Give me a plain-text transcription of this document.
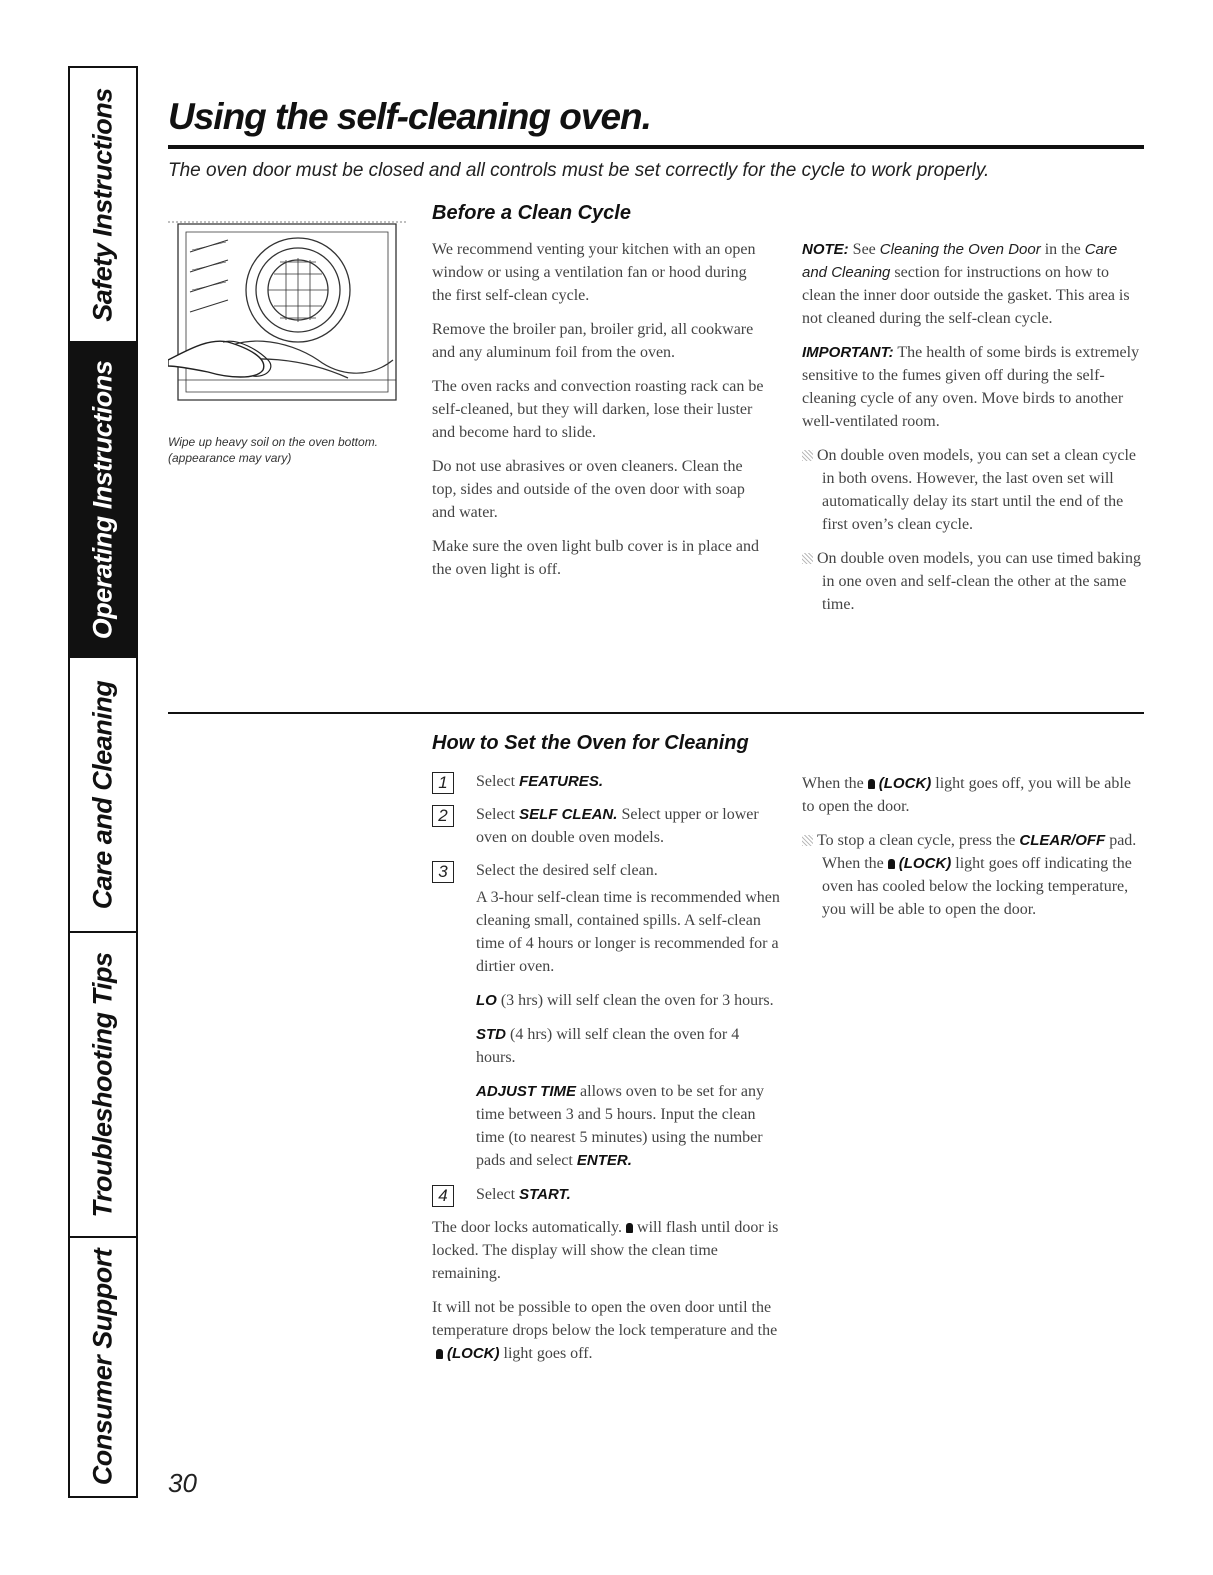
Safety Instructions
Operating Instructions
Care and Cleaning
Troubleshooting Tips
Consumer Support
Using the self-cleaning oven.
The oven door must be closed and all controls must be set correctly for the cycle to work properly.
Wipe up heavy soil on the oven bottom. (appearance may vary)
Before a Clean Cycle

We recommend venting your kitchen with an open window or using a ventilation fan or hood during the first self-clean cycle.

Remove the broiler pan, broiler grid, all cookware and any aluminum foil from the oven.

The oven racks and convection roasting rack can be self-cleaned, but they will darken, lose their luster and become hard to slide.

Do not use abrasives or oven cleaners. Clean the top, sides and outside of the oven door with soap and water.

Make sure the oven light bulb cover is in place and the oven light is off.

NOTE: See Cleaning the Oven Door in the Care and Cleaning section for instructions on how to clean the inner door outside the gasket. This area is not cleaned during the self-clean cycle.

IMPORTANT: The health of some birds is extremely sensitive to the fumes given off during the self-cleaning cycle of any oven. Move birds to another well-ventilated room.

On double oven models, you can set a clean cycle in both ovens. However, the last oven set will automatically delay its start until the end of the first oven’s clean cycle.

On double oven models, you can use timed baking in one oven and self-clean the other at the same time.

How to Set the Oven for Cleaning
1	Select FEATURES.
2	Select SELF CLEAN. Select upper or lower oven on double oven models.
3	Select the desired self clean.

A 3-hour self-clean time is recommended when cleaning small, contained spills. A self-clean time of 4 hours or longer is recommended for a dirtier oven.

LO (3 hrs) will self clean the oven for 3 hours.

STD (4 hrs) will self clean the oven for 4 hours.

ADJUST TIME allows oven to be set for any time between 3 and 5 hours. Input the clean time (to nearest 5 minutes) using the number pads and select ENTER.

4	Select START.

The door locks automatically. will flash until door is locked. The display will show the clean time remaining.

It will not be possible to open the oven door until the temperature drops below the lock temperature and the (LOCK) light goes off.

When the (LOCK) light goes off, you will be able to open the door.

To stop a clean cycle, press the CLEAR/OFF pad. When the (LOCK) light goes off indicating the oven has cooled below the locking temperature, you will be able to open the door.

30
